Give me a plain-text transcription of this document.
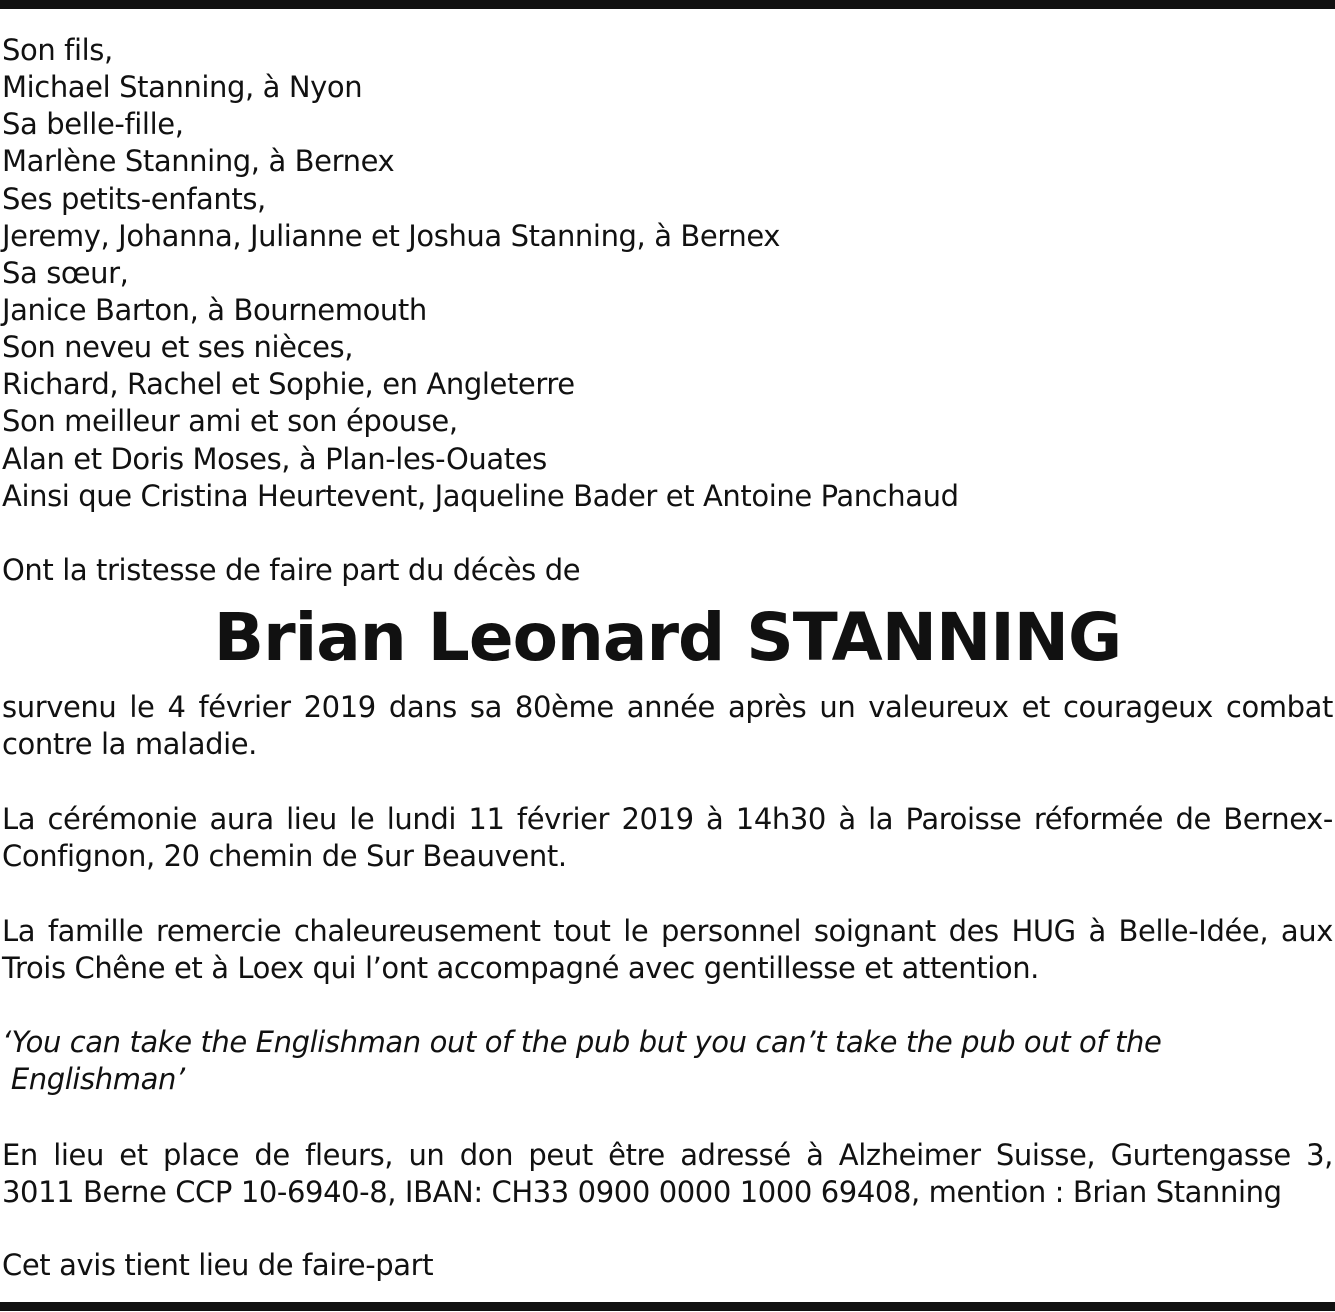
Son fils,
Michael Stanning, à Nyon
Sa belle-fille,
Marlène Stanning, à Bernex
Ses petits-enfants,
Jeremy, Johanna, Julianne et Joshua Stanning, à Bernex
Sa sœur,
Janice Barton, à Bournemouth
Son neveu et ses nièces,
Richard, Rachel et Sophie, en Angleterre
Son meilleur ami et son épouse,
Alan et Doris Moses, à Plan-les-Ouates
Ainsi que Cristina Heurtevent, Jaqueline Bader et Antoine Panchaud
Ont la tristesse de faire part du décès de
Brian Leonard STANNING
survenu le 4 février 2019 dans sa 80ème année après un valeureux et courageux combat
contre la maladie.
La cérémonie aura lieu le lundi 11 février 2019 à 14h30 à la Paroisse réformée de Bernex-
Confignon, 20 chemin de Sur Beauvent.
La famille remercie chaleureusement tout le personnel soignant des HUG à Belle-Idée, aux
Trois Chêne et à Loex qui l’ont accompagné avec gentillesse et attention.
‘You can take the Englishman out of the pub but you can’t take the pub out of the
Englishman’
En lieu et place de fleurs, un don peut être adressé à Alzheimer Suisse, Gurtengasse 3,
3011 Berne CCP 10-6940-8, IBAN: CH33 0900 0000 1000 69408, mention : Brian Stanning
Cet avis tient lieu de faire-part
